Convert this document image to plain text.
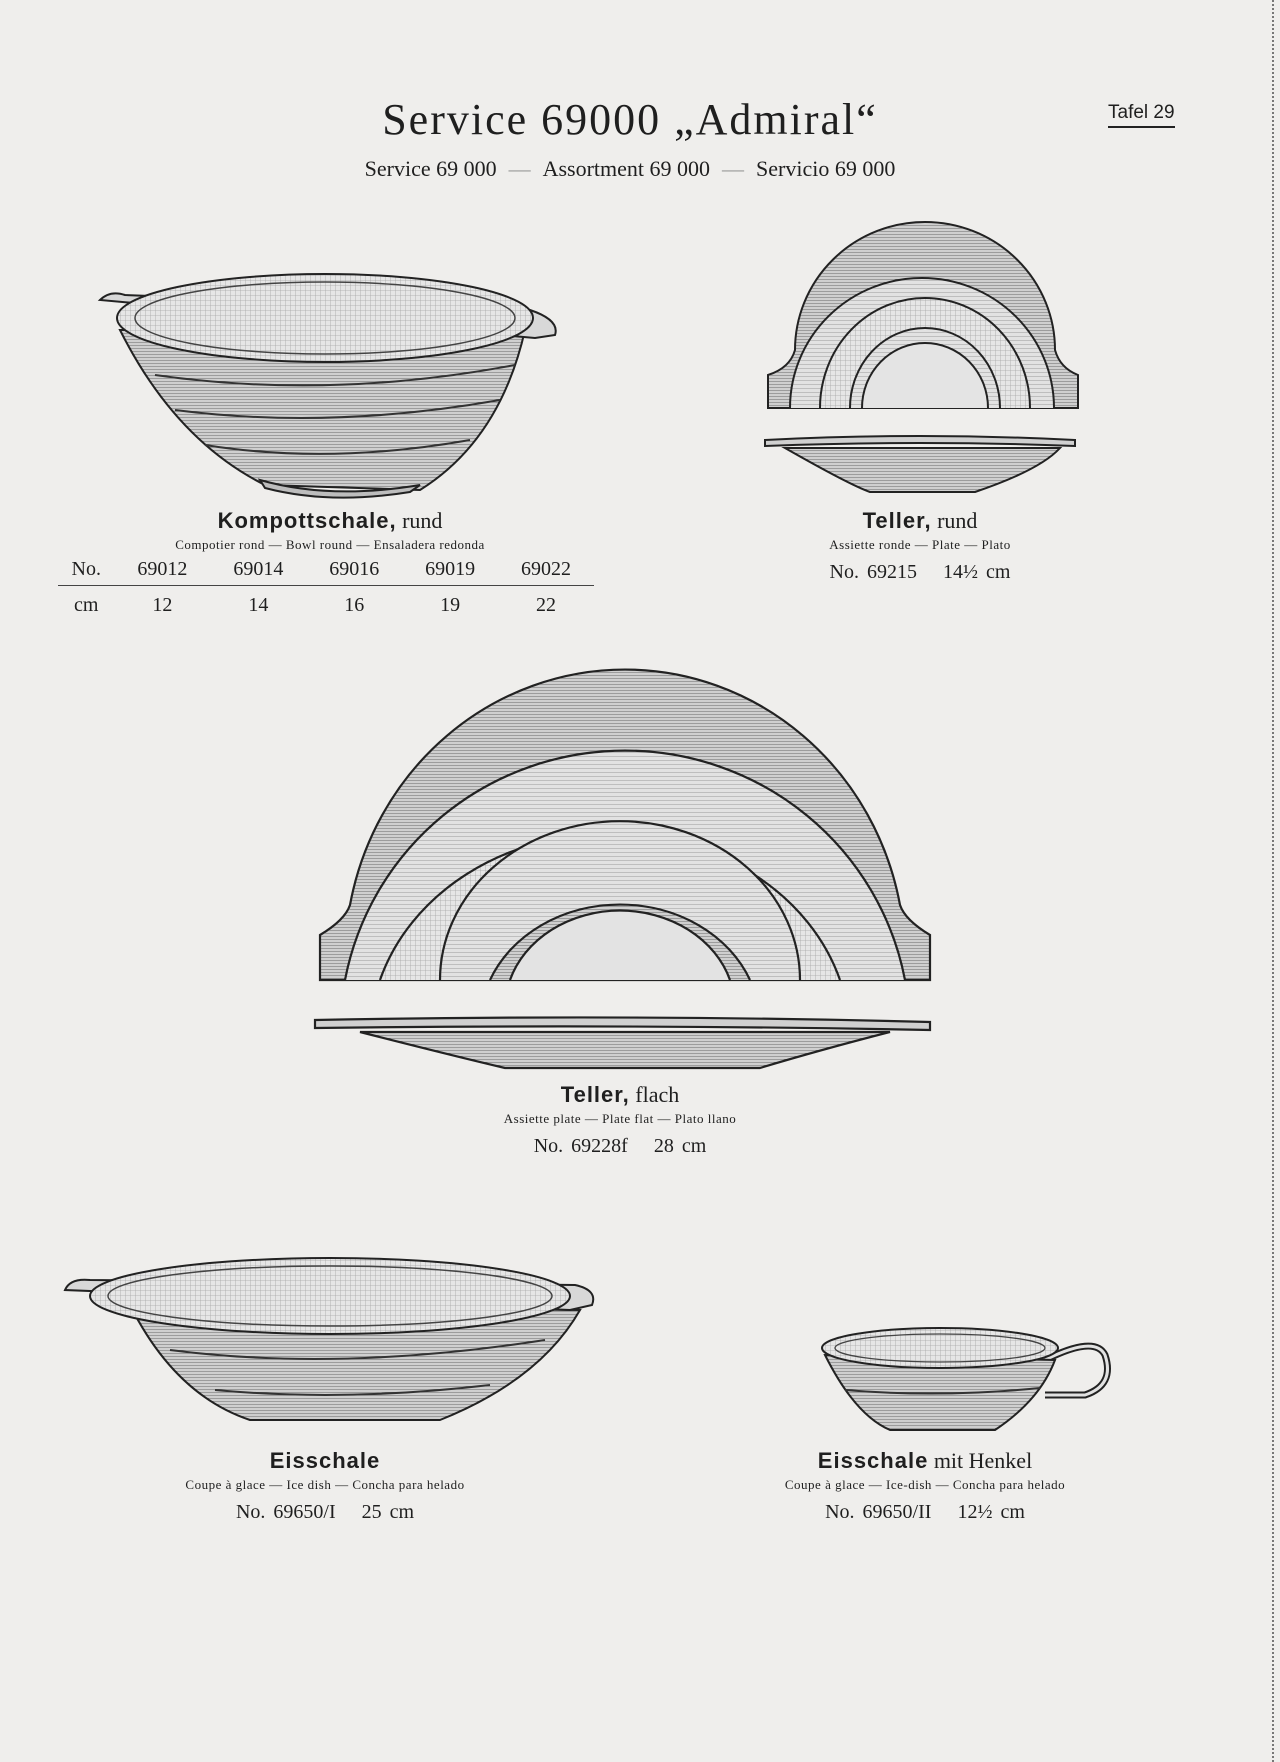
Service 69000 „Admiral“
Service 69 000 — Assortment 69 000 — Servicio 69 000
Tafel 29
Kompottschale, rund
Compotier rond — Bowl round — Ensaladera redonda
No.	69012	69014	69016	69019	69022
cm	12	14	16	19	22
Teller, rund
Assiette ronde — Plate — Plato
No. 69215 14½ cm
Teller, flach
Assiette plate — Plate flat — Plato llano
No. 69228f 28 cm
Eisschale
Coupe à glace — Ice dish — Concha para helado
No. 69650/I 25 cm
Eisschale mit Henkel
Coupe à glace — Ice-dish — Concha para helado
No. 69650/II 12½ cm
